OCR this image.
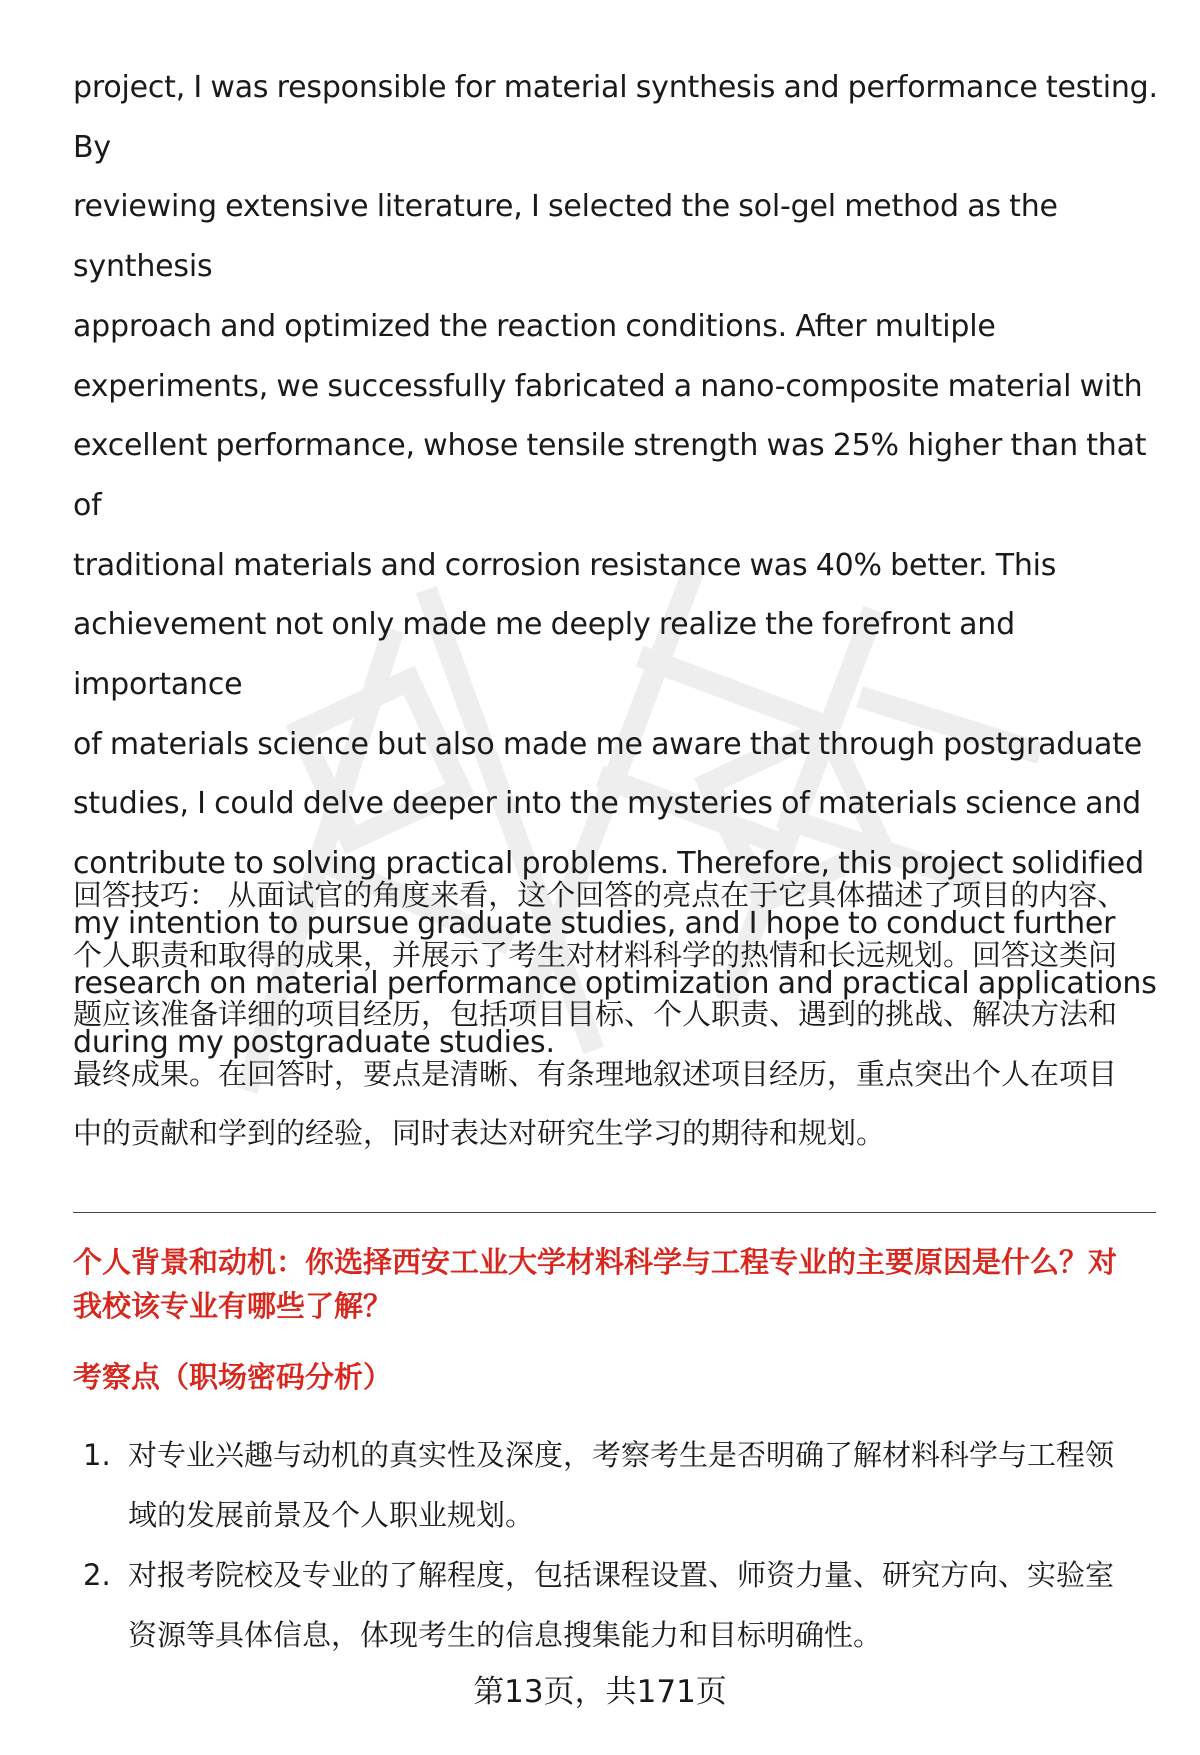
project, I was responsible for material synthesis and performance testing. By
reviewing extensive literature, I selected the sol-gel method as the synthesis
approach and optimized the reaction conditions. After multiple
experiments, we successfully fabricated a nano-composite material with
excellent performance, whose tensile strength was 25% higher than that of
traditional materials and corrosion resistance was 40% better. This
achievement not only made me deeply realize the forefront and importance
of materials science but also made me aware that through postgraduate
studies, I could delve deeper into the mysteries of materials science and
contribute to solving practical problems. Therefore, this project solidified
my intention to pursue graduate studies, and I hope to conduct further
research on material performance optimization and practical applications
during my postgraduate studies.

回答技巧： 从面试官的角度来看，这个回答的亮点在于它具体描述了项目的内容、
个人职责和取得的成果，并展示了考生对材料科学的热情和长远规划。回答这类问
题应该准备详细的项目经历，包括项目目标、个人职责、遇到的挑战、解决方法和
最终成果。在回答时，要点是清晰、有条理地叙述项目经历，重点突出个人在项目
中的贡献和学到的经验，同时表达对研究生学习的期待和规划。

个人背景和动机：你选择西安工业大学材料科学与工程专业的主要原因是什么？对
我校该专业有哪些了解？

考察点（职场密码分析）

1. 对专业兴趣与动机的真实性及深度，考察考生是否明确了解材料科学与工程领
域的发展前景及个人职业规划。
2. 对报考院校及专业的了解程度，包括课程设置、师资力量、研究方向、实验室
资源等具体信息，体现考生的信息搜集能力和目标明确性。
第13页，共171页
